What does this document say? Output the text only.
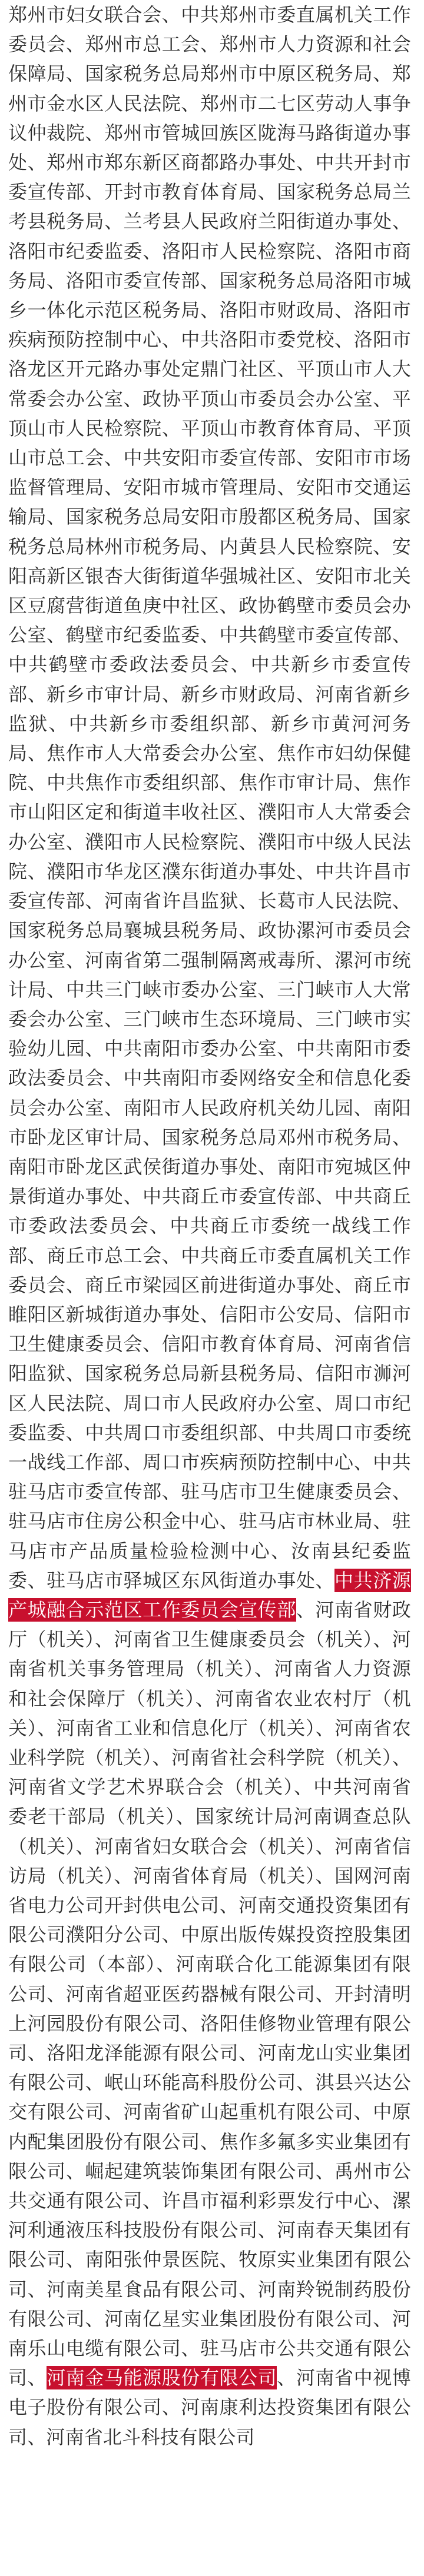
郑州市妇女联合会、中共郑州市委直属机关工作委员会、郑州市总工会、郑州市人力资源和社会保障局、国家税务总局郑州市中原区税务局、郑州市金水区人民法院、郑州市二七区劳动人事争议仲裁院、郑州市管城回族区陇海马路街道办事处、郑州市郑东新区商都路办事处、中共开封市委宣传部、开封市教育体育局、国家税务总局兰考县税务局、兰考县人民政府兰阳街道办事处、洛阳市纪委监委、洛阳市人民检察院、洛阳市商务局、洛阳市委宣传部、国家税务总局洛阳市城乡一体化示范区税务局、洛阳市财政局、洛阳市疾病预防控制中心、中共洛阳市委党校、洛阳市洛龙区开元路办事处定鼎门社区、平顶山市人大常委会办公室、政协平顶山市委员会办公室、平顶山市人民检察院、平顶山市教育体育局、平顶山市总工会、中共安阳市委宣传部、安阳市市场监督管理局、安阳市城市管理局、安阳市交通运输局、国家税务总局安阳市殷都区税务局、国家税务总局林州市税务局、内黄县人民检察院、安阳高新区银杏大街街道华强城社区、安阳市北关区豆腐营街道鱼庚中社区、政协鹤壁市委员会办公室、鹤壁市纪委监委、中共鹤壁市委宣传部、中共鹤壁市委政法委员会、中共新乡市委宣传部、新乡市审计局、新乡市财政局、河南省新乡监狱、中共新乡市委组织部、新乡市黄河河务局、焦作市人大常委会办公室、焦作市妇幼保健院、中共焦作市委组织部、焦作市审计局、焦作市山阳区定和街道丰收社区、濮阳市人大常委会办公室、濮阳市人民检察院、濮阳市中级人民法院、濮阳市华龙区濮东街道办事处、中共许昌市委宣传部、河南省许昌监狱、长葛市人民法院、国家税务总局襄城县税务局、政协漯河市委员会办公室、河南省第二强制隔离戒毒所、漯河市统计局、中共三门峡市委办公室、三门峡市人大常委会办公室、三门峡市生态环境局、三门峡市实验幼儿园、中共南阳市委办公室、中共南阳市委政法委员会、中共南阳市委网络安全和信息化委员会办公室、南阳市人民政府机关幼儿园、南阳市卧龙区审计局、国家税务总局邓州市税务局、南阳市卧龙区武侯街道办事处、南阳市宛城区仲景街道办事处、中共商丘市委宣传部、中共商丘市委政法委员会、中共商丘市委统一战线工作部、商丘市总工会、中共商丘市委直属机关工作委员会、商丘市梁园区前进街道办事处、商丘市睢阳区新城街道办事处、信阳市公安局、信阳市卫生健康委员会、信阳市教育体育局、河南省信阳监狱、国家税务总局新县税务局、信阳市浉河区人民法院、周口市人民政府办公室、周口市纪委监委、中共周口市委组织部、中共周口市委统一战线工作部、周口市疾病预防控制中心、中共驻马店市委宣传部、驻马店市卫生健康委员会、驻马店市住房公积金中心、驻马店市林业局、驻马店市产品质量检验检测中心、汝南县纪委监委、驻马店市驿城区东风街道办事处、中共济源产城融合示范区工作委员会宣传部、河南省财政厅（机关）、河南省卫生健康委员会（机关）、河南省机关事务管理局（机关）、河南省人力资源和社会保障厅（机关）、河南省农业农村厅（机关）、河南省工业和信息化厅（机关）、河南省农业科学院（机关）、河南省社会科学院（机关）、河南省文学艺术界联合会（机关）、中共河南省委老干部局（机关）、国家统计局河南调查总队（机关）、河南省妇女联合会（机关）、河南省信访局（机关）、河南省体育局（机关）、国网河南省电力公司开封供电公司、河南交通投资集团有限公司濮阳分公司、中原出版传媒投资控股集团有限公司（本部）、河南联合化工能源集团有限公司、河南省超亚医药器械有限公司、开封清明上河园股份有限公司、洛阳佳修物业管理有限公司、洛阳龙泽能源有限公司、河南龙山实业集团有限公司、岷山环能高科股份公司、淇县兴达公交有限公司、河南省矿山起重机有限公司、中原内配集团股份有限公司、焦作多氟多实业集团有限公司、崛起建筑装饰集团有限公司、禹州市公共交通有限公司、许昌市福利彩票发行中心、漯河利通液压科技股份有限公司、河南春天集团有限公司、南阳张仲景医院、牧原实业集团有限公司、河南美星食品有限公司、河南羚锐制药股份有限公司、河南亿星实业集团股份有限公司、河南乐山电缆有限公司、驻马店市公共交通有限公司、河南金马能源股份有限公司、河南省中视博电子股份有限公司、河南康利达投资集团有限公司、河南省北斗科技有限公司
